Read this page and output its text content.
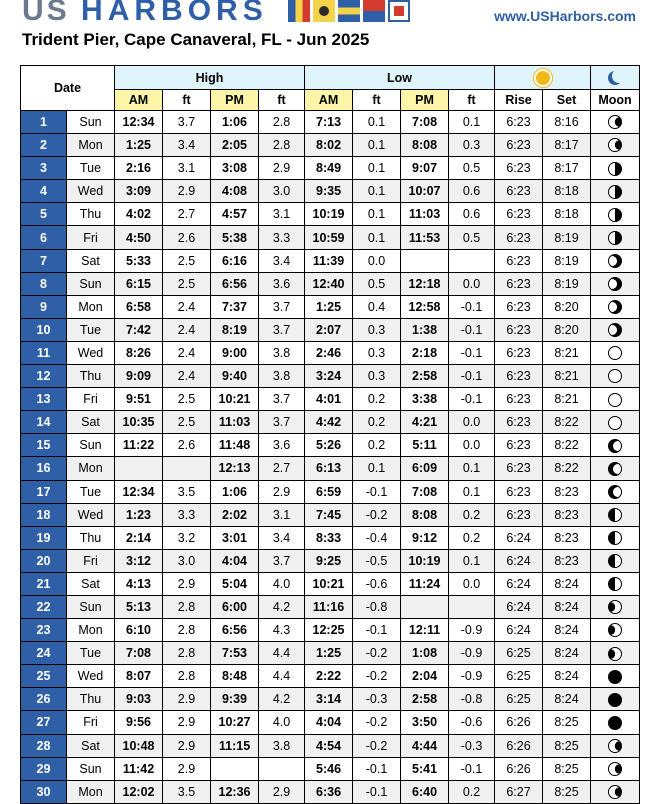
US HARBORS	www.USHarbors.com
Trident Pier, Cape Canaveral, FL - Jun 2025
Date		High				Low						
		AM	ft	PM	ft	AM	ft	PM	ft	Rise	Set	Moon
1	Sun	12:34	3.7	1:06	2.8	7:13	0.1	7:08	0.1	6:23	8:16	
2	Mon	1:25	3.4	2:05	2.8	8:02	0.1	8:08	0.3	6:23	8:17	
3	Tue	2:16	3.1	3:08	2.9	8:49	0.1	9:07	0.5	6:23	8:17	
4	Wed	3:09	2.9	4:08	3.0	9:35	0.1	10:07	0.6	6:23	8:18	
5	Thu	4:02	2.7	4:57	3.1	10:19	0.1	11:03	0.6	6:23	8:18	
6	Fri	4:50	2.6	5:38	3.3	10:59	0.1	11:53	0.5	6:23	8:19	
7	Sat	5:33	2.5	6:16	3.4	11:39	0.0			6:23	8:19	
8	Sun	6:15	2.5	6:56	3.6	12:40	0.5	12:18	0.0	6:23	8:19	
9	Mon	6:58	2.4	7:37	3.7	1:25	0.4	12:58	-0.1	6:23	8:20	
10	Tue	7:42	2.4	8:19	3.7	2:07	0.3	1:38	-0.1	6:23	8:20	
11	Wed	8:26	2.4	9:00	3.8	2:46	0.3	2:18	-0.1	6:23	8:21	
12	Thu	9:09	2.4	9:40	3.8	3:24	0.3	2:58	-0.1	6:23	8:21	
13	Fri	9:51	2.5	10:21	3.7	4:01	0.2	3:38	-0.1	6:23	8:21	
14	Sat	10:35	2.5	11:03	3.7	4:42	0.2	4:21	0.0	6:23	8:22	
15	Sun	11:22	2.6	11:48	3.6	5:26	0.2	5:11	0.0	6:23	8:22	
16	Mon			12:13	2.7	6:13	0.1	6:09	0.1	6:23	8:22	
17	Tue	12:34	3.5	1:06	2.9	6:59	-0.1	7:08	0.1	6:23	8:23	
18	Wed	1:23	3.3	2:02	3.1	7:45	-0.2	8:08	0.2	6:23	8:23	
19	Thu	2:14	3.2	3:01	3.4	8:33	-0.4	9:12	0.2	6:24	8:23	
20	Fri	3:12	3.0	4:04	3.7	9:25	-0.5	10:19	0.1	6:24	8:23	
21	Sat	4:13	2.9	5:04	4.0	10:21	-0.6	11:24	0.0	6:24	8:24	
22	Sun	5:13	2.8	6:00	4.2	11:16	-0.8			6:24	8:24	
23	Mon	6:10	2.8	6:56	4.3	12:25	-0.1	12:11	-0.9	6:24	8:24	
24	Tue	7:08	2.8	7:53	4.4	1:25	-0.2	1:08	-0.9	6:25	8:24	
25	Wed	8:07	2.8	8:48	4.4	2:22	-0.2	2:04	-0.9	6:25	8:24	
26	Thu	9:03	2.9	9:39	4.2	3:14	-0.3	2:58	-0.8	6:25	8:24	
27	Fri	9:56	2.9	10:27	4.0	4:04	-0.2	3:50	-0.6	6:26	8:25	
28	Sat	10:48	2.9	11:15	3.8	4:54	-0.2	4:44	-0.3	6:26	8:25	
29	Sun	11:42	2.9			5:46	-0.1	5:41	-0.1	6:26	8:25	
30	Mon	12:02	3.5	12:36	2.9	6:36	-0.1	6:40	0.2	6:27	8:25	
